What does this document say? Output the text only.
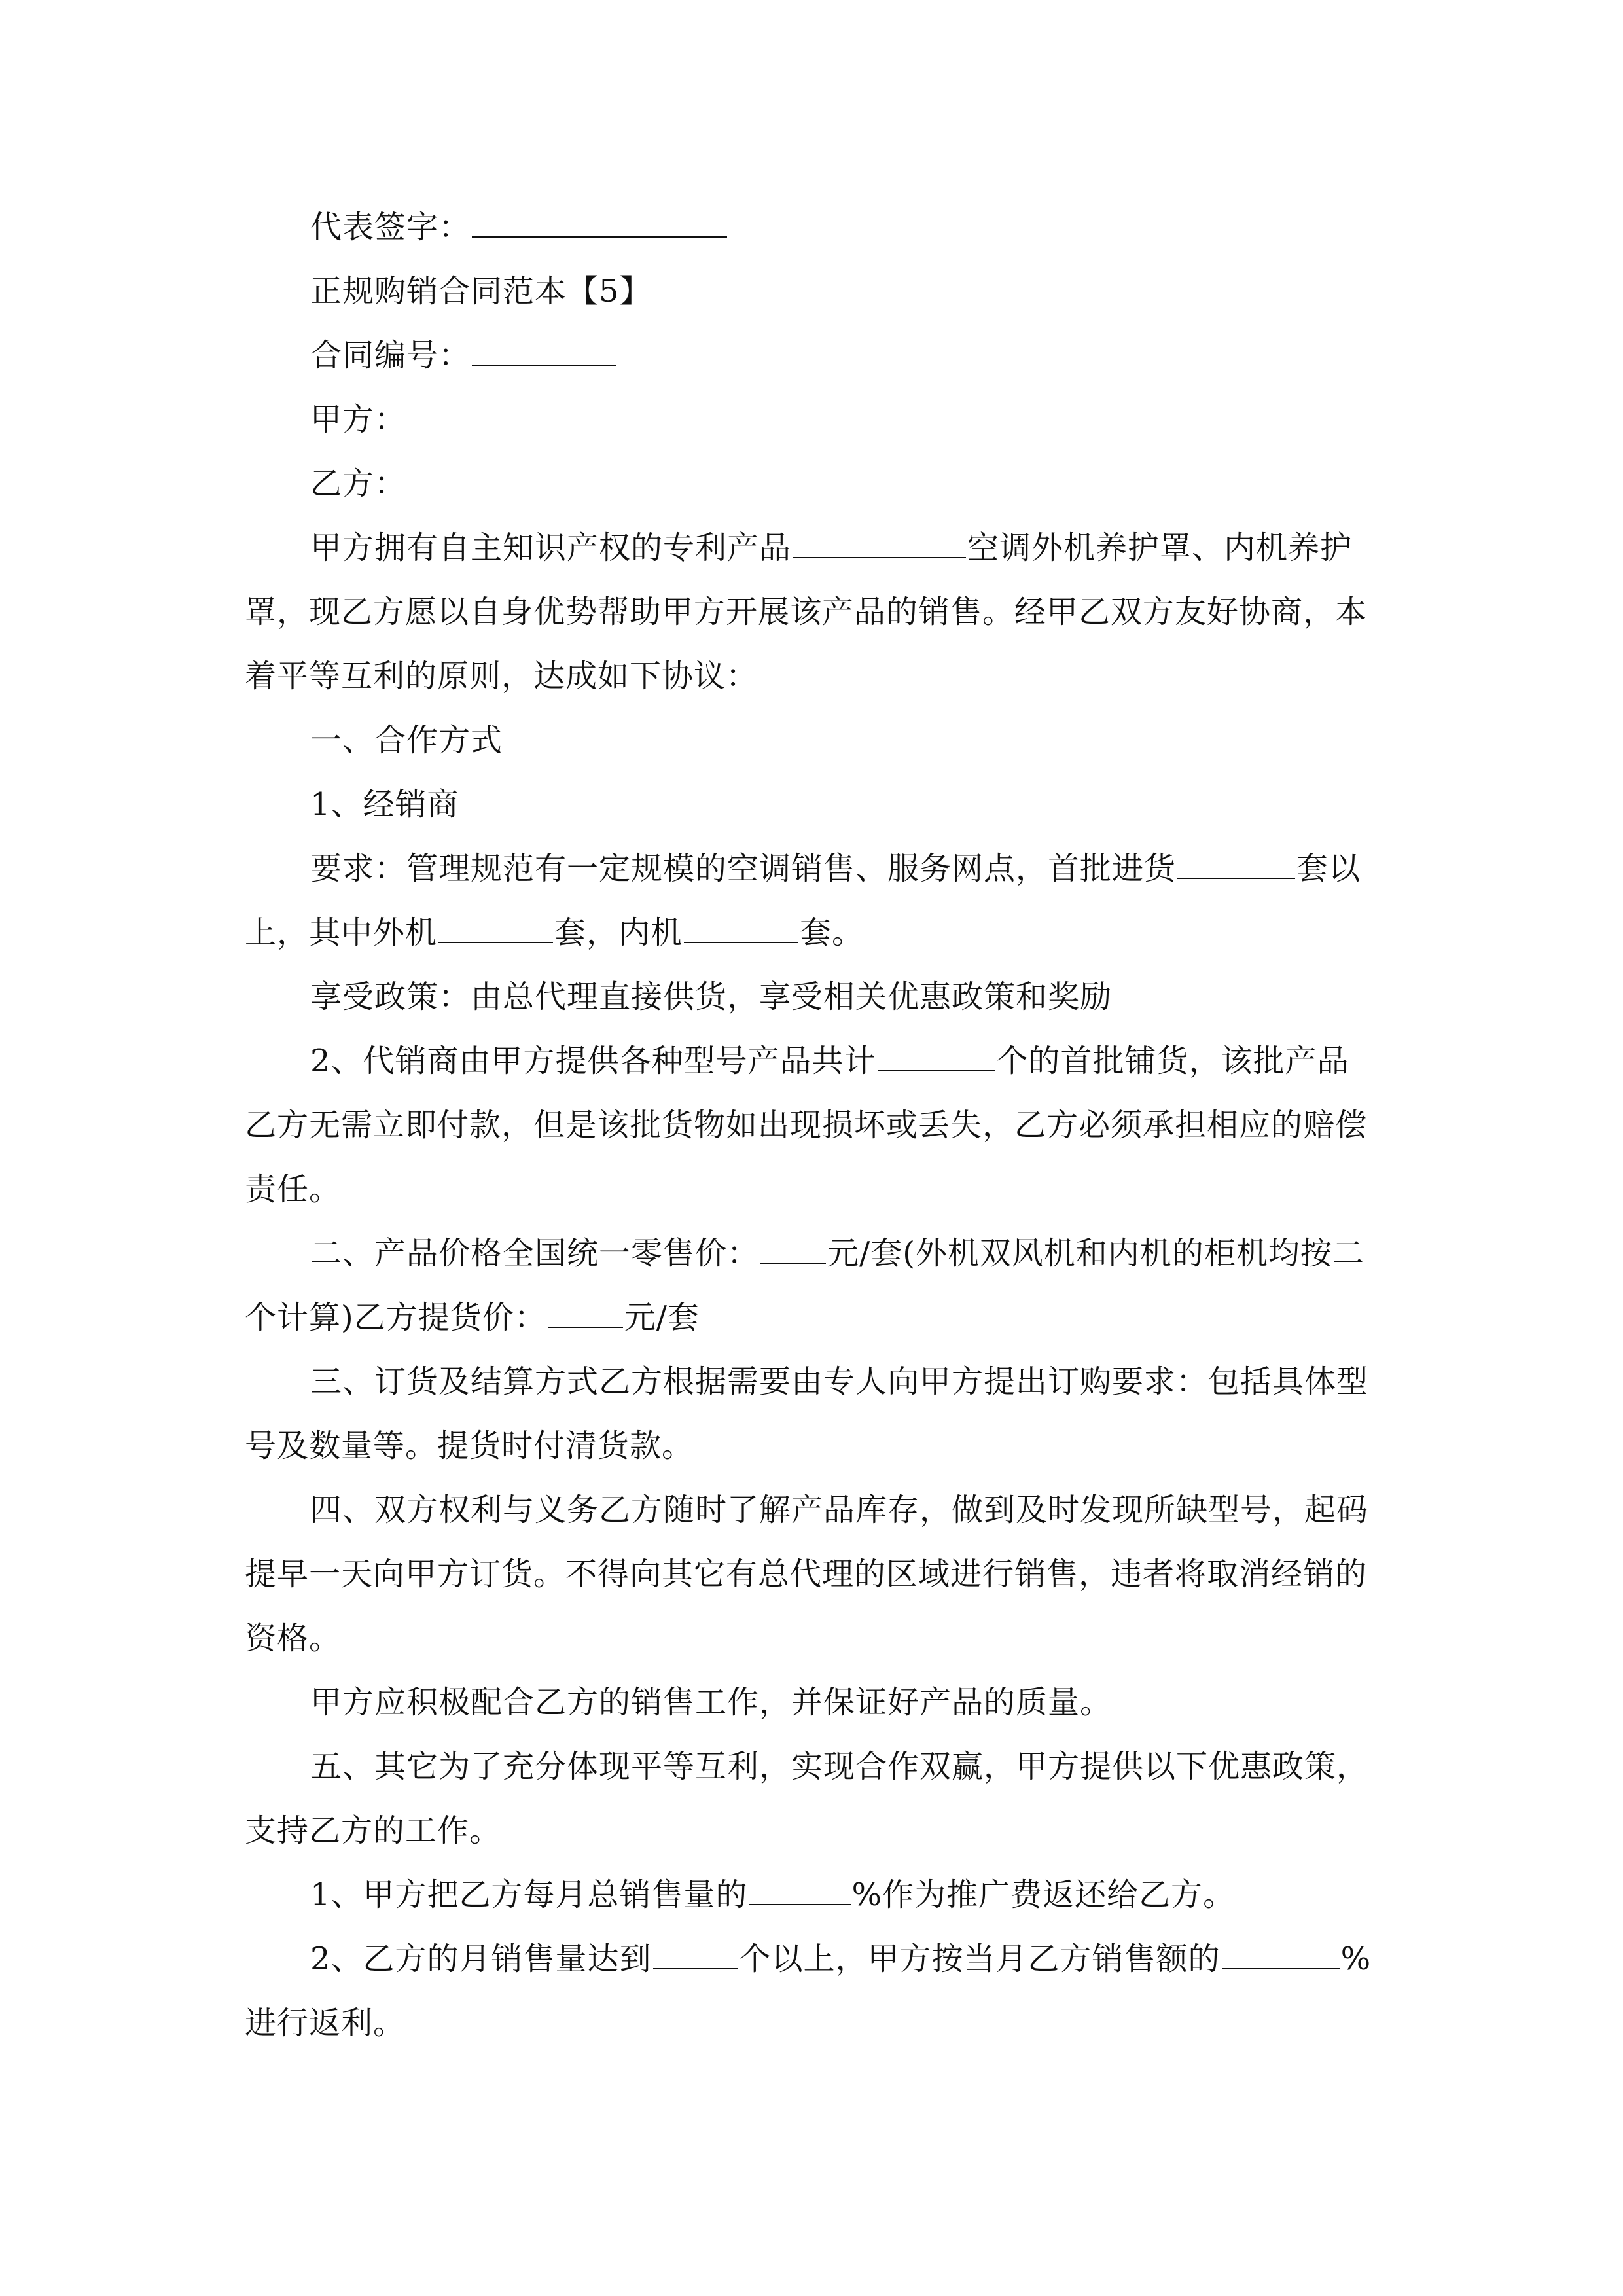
代表签字：
正规购销合同范本【5】
合同编号：
甲方：
乙方：
甲方拥有自主知识产权的专利产品	空调外机养护罩、内机养护
罩，现乙方愿以自身优势帮助甲方开展该产品的销售。经甲乙双方友好协商，本
着平等互利的原则，达成如下协议：
一、合作方式
1、经销商
要求：管理规范有一定规模的空调销售、服务网点，首批进货	套以
上，其中外机	套，内机	套。
享受政策：由总代理直接供货，享受相关优惠政策和奖励
2、代销商由甲方提供各种型号产品共计	个的首批铺货，该批产品
乙方无需立即付款，但是该批货物如出现损坏或丢失，乙方必须承担相应的赔偿
责任。
二、产品价格全国统一零售价： 元/套(外机双风机和内机的柜机均按二
个计算)乙方提货价： 元/套
三、订货及结算方式乙方根据需要由专人向甲方提出订购要求：包括具体型
号及数量等。提货时付清货款。
四、双方权利与义务乙方随时了解产品库存，做到及时发现所缺型号，起码
提早一天向甲方订货。不得向其它有总代理的区域进行销售，违者将取消经销的
资格。
甲方应积极配合乙方的销售工作，并保证好产品的质量。
五、其它为了充分体现平等互利，实现合作双赢，甲方提供以下优惠政策，
支持乙方的工作。
1、甲方把乙方每月总销售量的	%作为推广费返还给乙方。
2、乙方的月销售量达到	个以上，甲方按当月乙方销售额的	%
进行返利。
